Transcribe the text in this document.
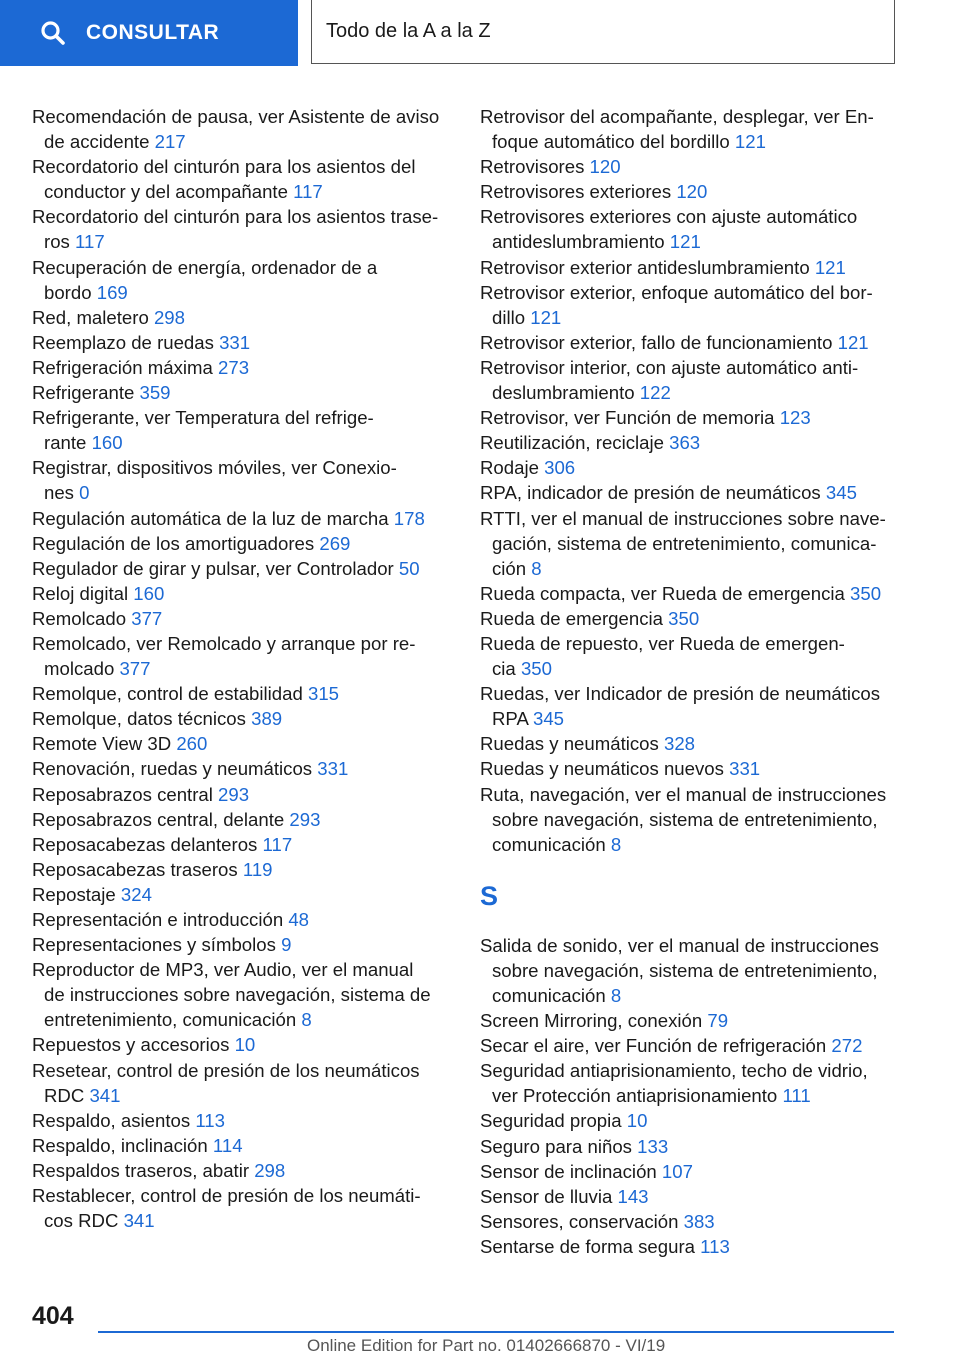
CONSULTAR	Todo de la A a la Z
Recomendación de pausa, ver Asistente de aviso
de accidente 217
Recordatorio del cinturón para los asientos del
conductor y del acompañante 117
Recordatorio del cinturón para los asientos trase-
ros 117
Recuperación de energía, ordenador de a
bordo 169
Red, maletero 298
Reemplazo de ruedas 331
Refrigeración máxima 273
Refrigerante 359
Refrigerante, ver Temperatura del refrige-
rante 160
Registrar, dispositivos móviles, ver Conexio-
nes 0
Regulación automática de la luz de marcha 178
Regulación de los amortiguadores 269
Regulador de girar y pulsar, ver Controlador 50
Reloj digital 160
Remolcado 377
Remolcado, ver Remolcado y arranque por re-
molcado 377
Remolque, control de estabilidad 315
Remolque, datos técnicos 389
Remote View 3D 260
Renovación, ruedas y neumáticos 331
Reposabrazos central 293
Reposabrazos central, delante 293
Reposacabezas delanteros 117
Reposacabezas traseros 119
Repostaje 324
Representación e introducción 48
Representaciones y símbolos 9
Reproductor de MP3, ver Audio, ver el manual
de instrucciones sobre navegación, sistema de
entretenimiento, comunicación 8
Repuestos y accesorios 10
Resetear, control de presión de los neumáticos
RDC 341
Respaldo, asientos 113
Respaldo, inclinación 114
Respaldos traseros, abatir 298
Restablecer, control de presión de los neumáti-
cos RDC 341
Retrovisor del acompañante, desplegar, ver En-
foque automático del bordillo 121
Retrovisores 120
Retrovisores exteriores 120
Retrovisores exteriores con ajuste automático
antideslumbramiento 121
Retrovisor exterior antideslumbramiento 121
Retrovisor exterior, enfoque automático del bor-
dillo 121
Retrovisor exterior, fallo de funcionamiento 121
Retrovisor interior, con ajuste automático anti-
deslumbramiento 122
Retrovisor, ver Función de memoria 123
Reutilización, reciclaje 363
Rodaje 306
RPA, indicador de presión de neumáticos 345
RTTI, ver el manual de instrucciones sobre nave-
gación, sistema de entretenimiento, comunica-
ción 8
Rueda compacta, ver Rueda de emergencia 350
Rueda de emergencia 350
Rueda de repuesto, ver Rueda de emergen-
cia 350
Ruedas, ver Indicador de presión de neumáticos
RPA 345
Ruedas y neumáticos 328
Ruedas y neumáticos nuevos 331
Ruta, navegación, ver el manual de instrucciones
sobre navegación, sistema de entretenimiento,
comunicación 8
S
Salida de sonido, ver el manual de instrucciones
sobre navegación, sistema de entretenimiento,
comunicación 8
Screen Mirroring, conexión 79
Secar el aire, ver Función de refrigeración 272
Seguridad antiaprisionamiento, techo de vidrio,
ver Protección antiaprisionamiento 111
Seguridad propia 10
Seguro para niños 133
Sensor de inclinación 107
Sensor de lluvia 143
Sensores, conservación 383
Sentarse de forma segura 113
404
Online Edition for Part no. 01402666870 - VI/19
